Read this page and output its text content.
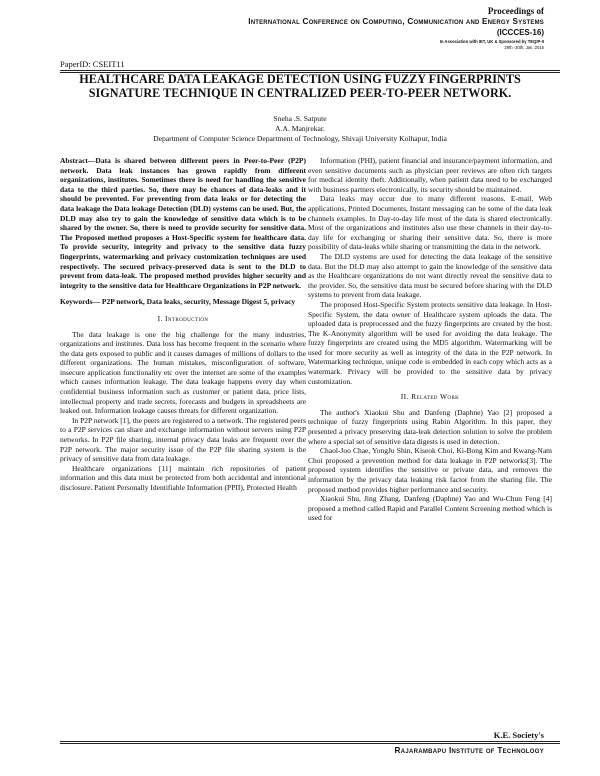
Proceedings of
International Conference on Computing, Communication and Energy Systems
(ICCCES-16)
In Association with IET, UK & Sponsored by TEQIP-II
29th -30th, Jan. 2016
PaperID: CSEIT11
HEALTHCARE DATA LEAKAGE DETECTION USING FUZZY FINGERPRINTS SIGNATURE TECHNIQUE IN CENTRALIZED PEER-TO-PEER NETWORK.
Sneha .S. Satpute
A.A. Manjrekar.
Department of Computer Science Department of Technology, Shivaji University Kolhapur, India

Abstract—Data is shared between different peers in Peer-to-Peer (P2P) network. Data leak instances has grown rapidly from different organizations, institutes. Sometimes there is need for handling the sensitive data to the third parties. So, there may be chances of data-leaks and it should be prevented. For preventing from data leaks or for detecting the data leakage the Data leakage Detection (DLD) systems can be used. But, the DLD may also try to gain the knowledge of sensitive data which is to be shared by the owner. So, there is need to provide security for sensitive data. The Proposed method proposes a Host-Specific system for healthcare data. To provide security, integrity and privacy to the sensitive data fuzzy fingerprints, watermarking and privacy customization techniques are used respectively. The secured privacy-preserved data is sent to the DLD to prevent from data-leak. The proposed method provides higher security and integrity to the sensitive data for Healthcare Organizations in P2P network.

Keywords— P2P network, Data leaks, security, Message Digest 5, privacy

I. Introduction

The data leakage is one the big challenge for the many industries, organizations and institutes. Data loss has become frequent in the scenario where the data gets exposed to public and it causes damages of millions of dollars to the different organizations. The human mistakes, misconfiguration of software, insecure application functionality etc over the internet are some of the examples which causes information leakage. The data leakage happens every day when confidential business information such as customer or patient data, price lists, intellectual property and trade secrets, forecasts and budgets in spreadsheets are leaked out. Information leakage causes threats for different organization.

In P2P network [1], the peers are registered to a network. The registered peers to a P2P services can share and exchange information without servers using P2P networks. In P2P file sharing, internal privacy data leaks are frequent over the P2P network. The major security issue of the P2P file sharing system is the privacy of sensitive data from data leakage.

Healthcare organizations [11] maintain rich repositories of patient information and this data must be protected from both accidental and intentional disclosure. Patient Personally Identifiable Information (PPII), Protected Health

Information (PHI), patient financial and insurance/payment information, and even sensitive documents such as physician peer reviews are often rich targets for medical identity theft. Additionally, when patient data need to be exchanged with business partners electronically, its security should be maintained.

Data leaks may occur due to many different reasons. E-mail, Web applications, Printed Documents, Instant messaging can be some of the data leak channels examples. In Day-to-day life most of the data is shared electronically. Most of the organizations and institutes also use these channels in their day-to-day life for exchanging or sharing their sensitive data. So, there is more possibility of data-leaks while sharing or transmitting the data in the network.

The DLD systems are used for detecting the data leakage of the sensitive data. But the DLD may also attempt to gain the knowledge of the sensitive data as the Healthcare organizations do not want directly reveal the sensitive data to the provider. So, the sensitive data must be secured before sharing with the DLD systems to prevent from data leakage.

The proposed Host-Specific System protects sensitive data leakage. In Host-Specific System, the data owner of Healthcare system uploads the data. The uploaded data is preprocessed and the fuzzy fingerprints are created by the host. The K-Anonymity algorithm will be used for avoiding the data leakage. The fuzzy fingerprints are created using the MD5 algorithm. Watermarking will be used for more security as well as integrity of the data in the P2P network. In Watermarking technique, unique code is embedded in each copy which acts as a watermark. Privacy will be provided to the sensitive data by privacy customization.

II. Related Work

The author's Xiaokui Shu and Danfeng (Daphne) Yao [2] proposed a technique of fuzzy fingerprints using Rabin Algorithm. In this paper, they presented a privacy preserving data-leak detection solution to solve the problem where a special set of sensitive data digests is used in detection.

Chaol-Joo Chae, YongJu Shin, Kiseok Choi, Ki-Bong Kim and Kwang-Nam Choi proposed a prevention method for data leakage in P2P networks[3]. The proposed system identifies the sensitive or private data, and removes the information by the privacy data leaking risk factor from the sharing file. The proposed method provides higher performance and security.

Xiaokui Shu, Jing Zhang, Danfeng (Daphne) Yao and Wu-Chun Feng [4] proposed a method called Rapid and Parallel Content Screening method which is used for

K.E. Society's
Rajarambapu Institute of Technology
